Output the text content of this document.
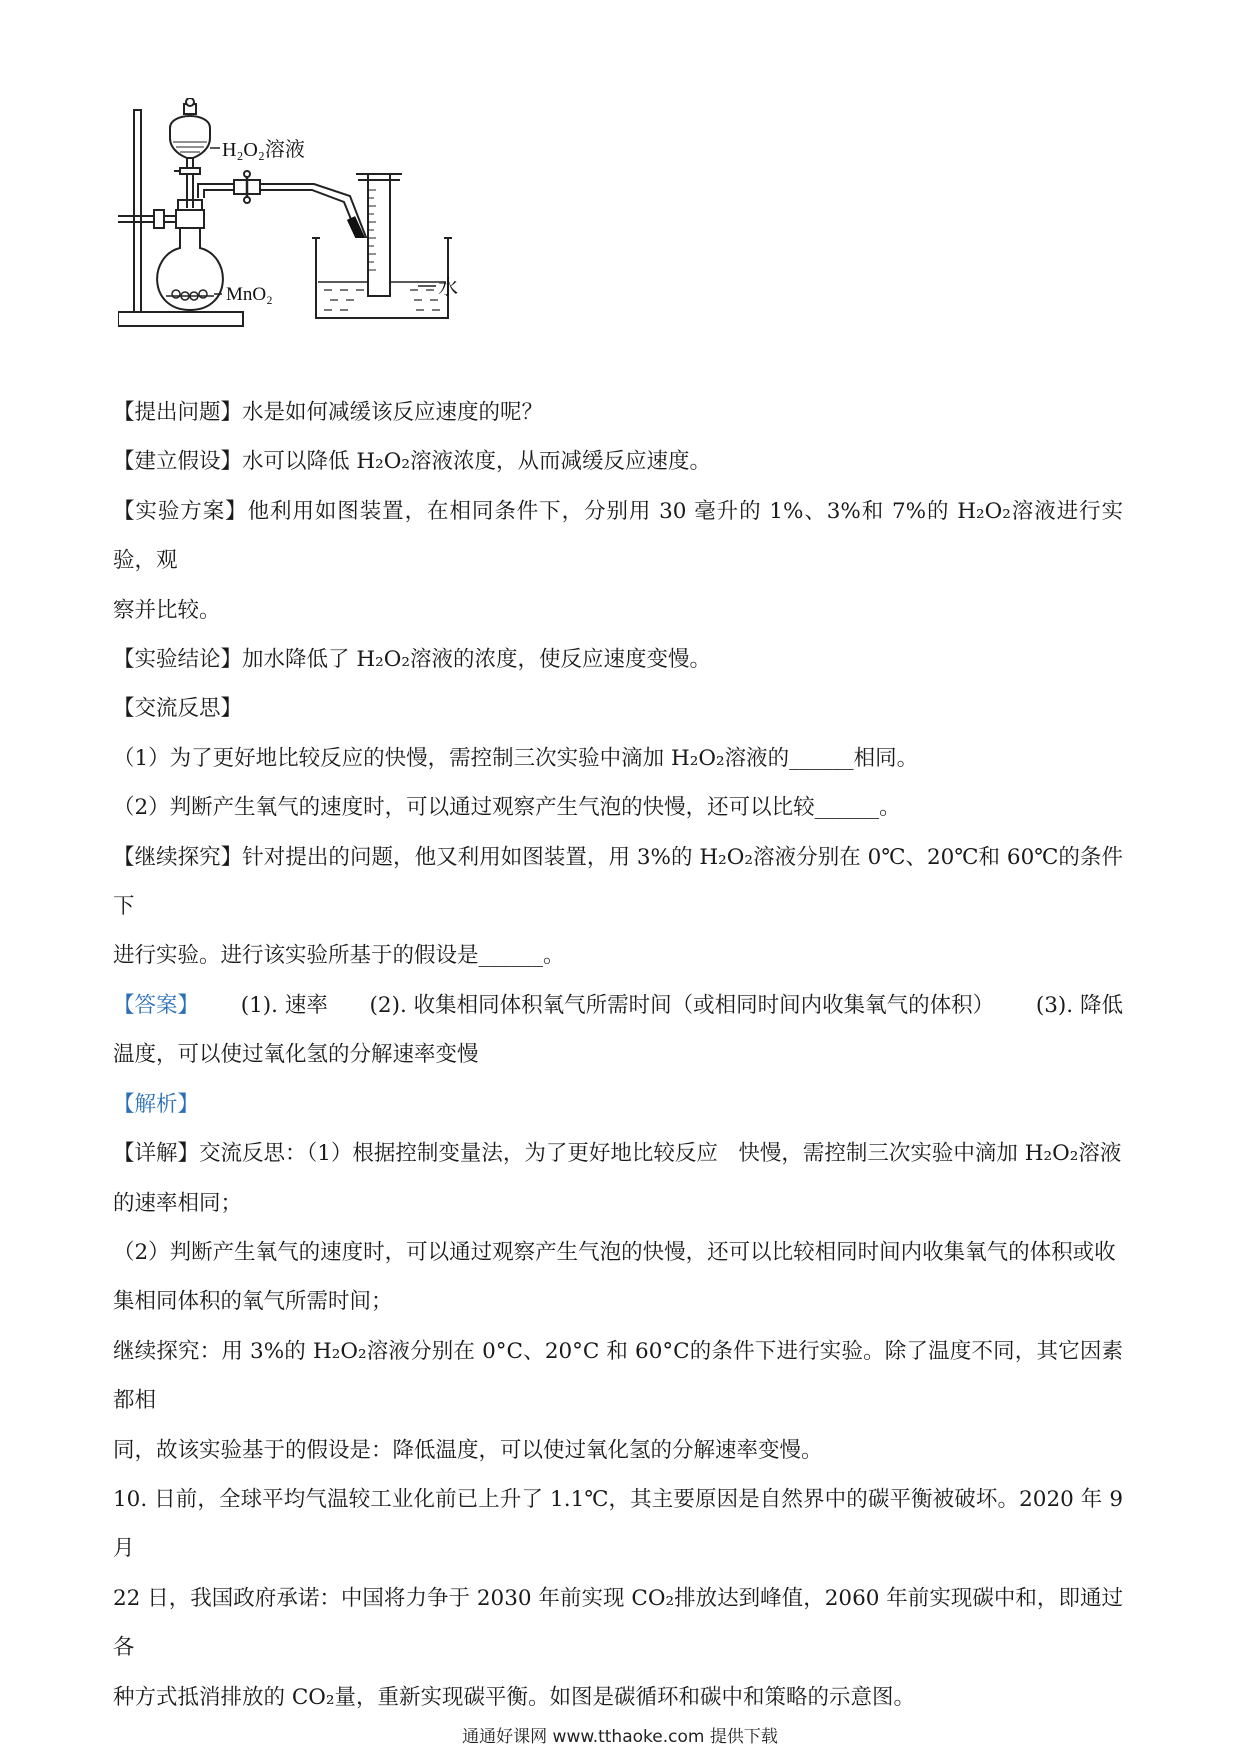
H₂O₂溶液
MnO₂	水

【提出问题】水是如何减缓该反应速度的呢？

【建立假设】水可以降低 H₂O₂溶液浓度，从而减缓反应速度。

【实验方案】他利用如图装置，在相同条件下，分别用 30 毫升的 1%、3%和 7%的 H₂O₂溶液进行实验，观

察并比较。

【实验结论】加水降低了 H₂O₂溶液的浓度，使反应速度变慢。

【交流反思】

（1）为了更好地比较反应的快慢，需控制三次实验中滴加 H₂O₂溶液的______相同。

（2）判断产生氧气的速度时，可以通过观察产生气泡的快慢，还可以比较______。

【继续探究】针对提出的问题，他又利用如图装置，用 3%的 H₂O₂溶液分别在 0℃、20℃和 60℃的条件下

进行实验。进行该实验所基于的假设是______。

【答案】 (1). 速率 (2). 收集相同体积氧气所需时间（或相同时间内收集氧气的体积） (3). 降低

温度，可以使过氧化氢的分解速率变慢

【解析】

【详解】交流反思：（1）根据控制变量法，为了更好地比较反应   快慢，需控制三次实验中滴加 H₂O₂溶液

的速率相同；

（2）判断产生氧气的速度时，可以通过观察产生气泡的快慢，还可以比较相同时间内收集氧气的体积或收

集相同体积的氧气所需时间；

继续探究：用 3%的 H₂O₂溶液分别在 0°C、20°C 和 60°C的条件下进行实验。除了温度不同，其它因素都相

同，故该实验基于的假设是：降低温度，可以使过氧化氢的分解速率变慢。

10. 日前，全球平均气温较工业化前已上升了 1.1℃，其主要原因是自然界中的碳平衡被破坏。2020 年 9 月

22 日，我国政府承诺：中国将力争于 2030 年前实现 CO₂排放达到峰值，2060 年前实现碳中和，即通过各

种方式抵消排放的 CO₂量，重新实现碳平衡。如图是碳循环和碳中和策略的示意图。

通通好课网 www.tthaoke.com 提供下载
